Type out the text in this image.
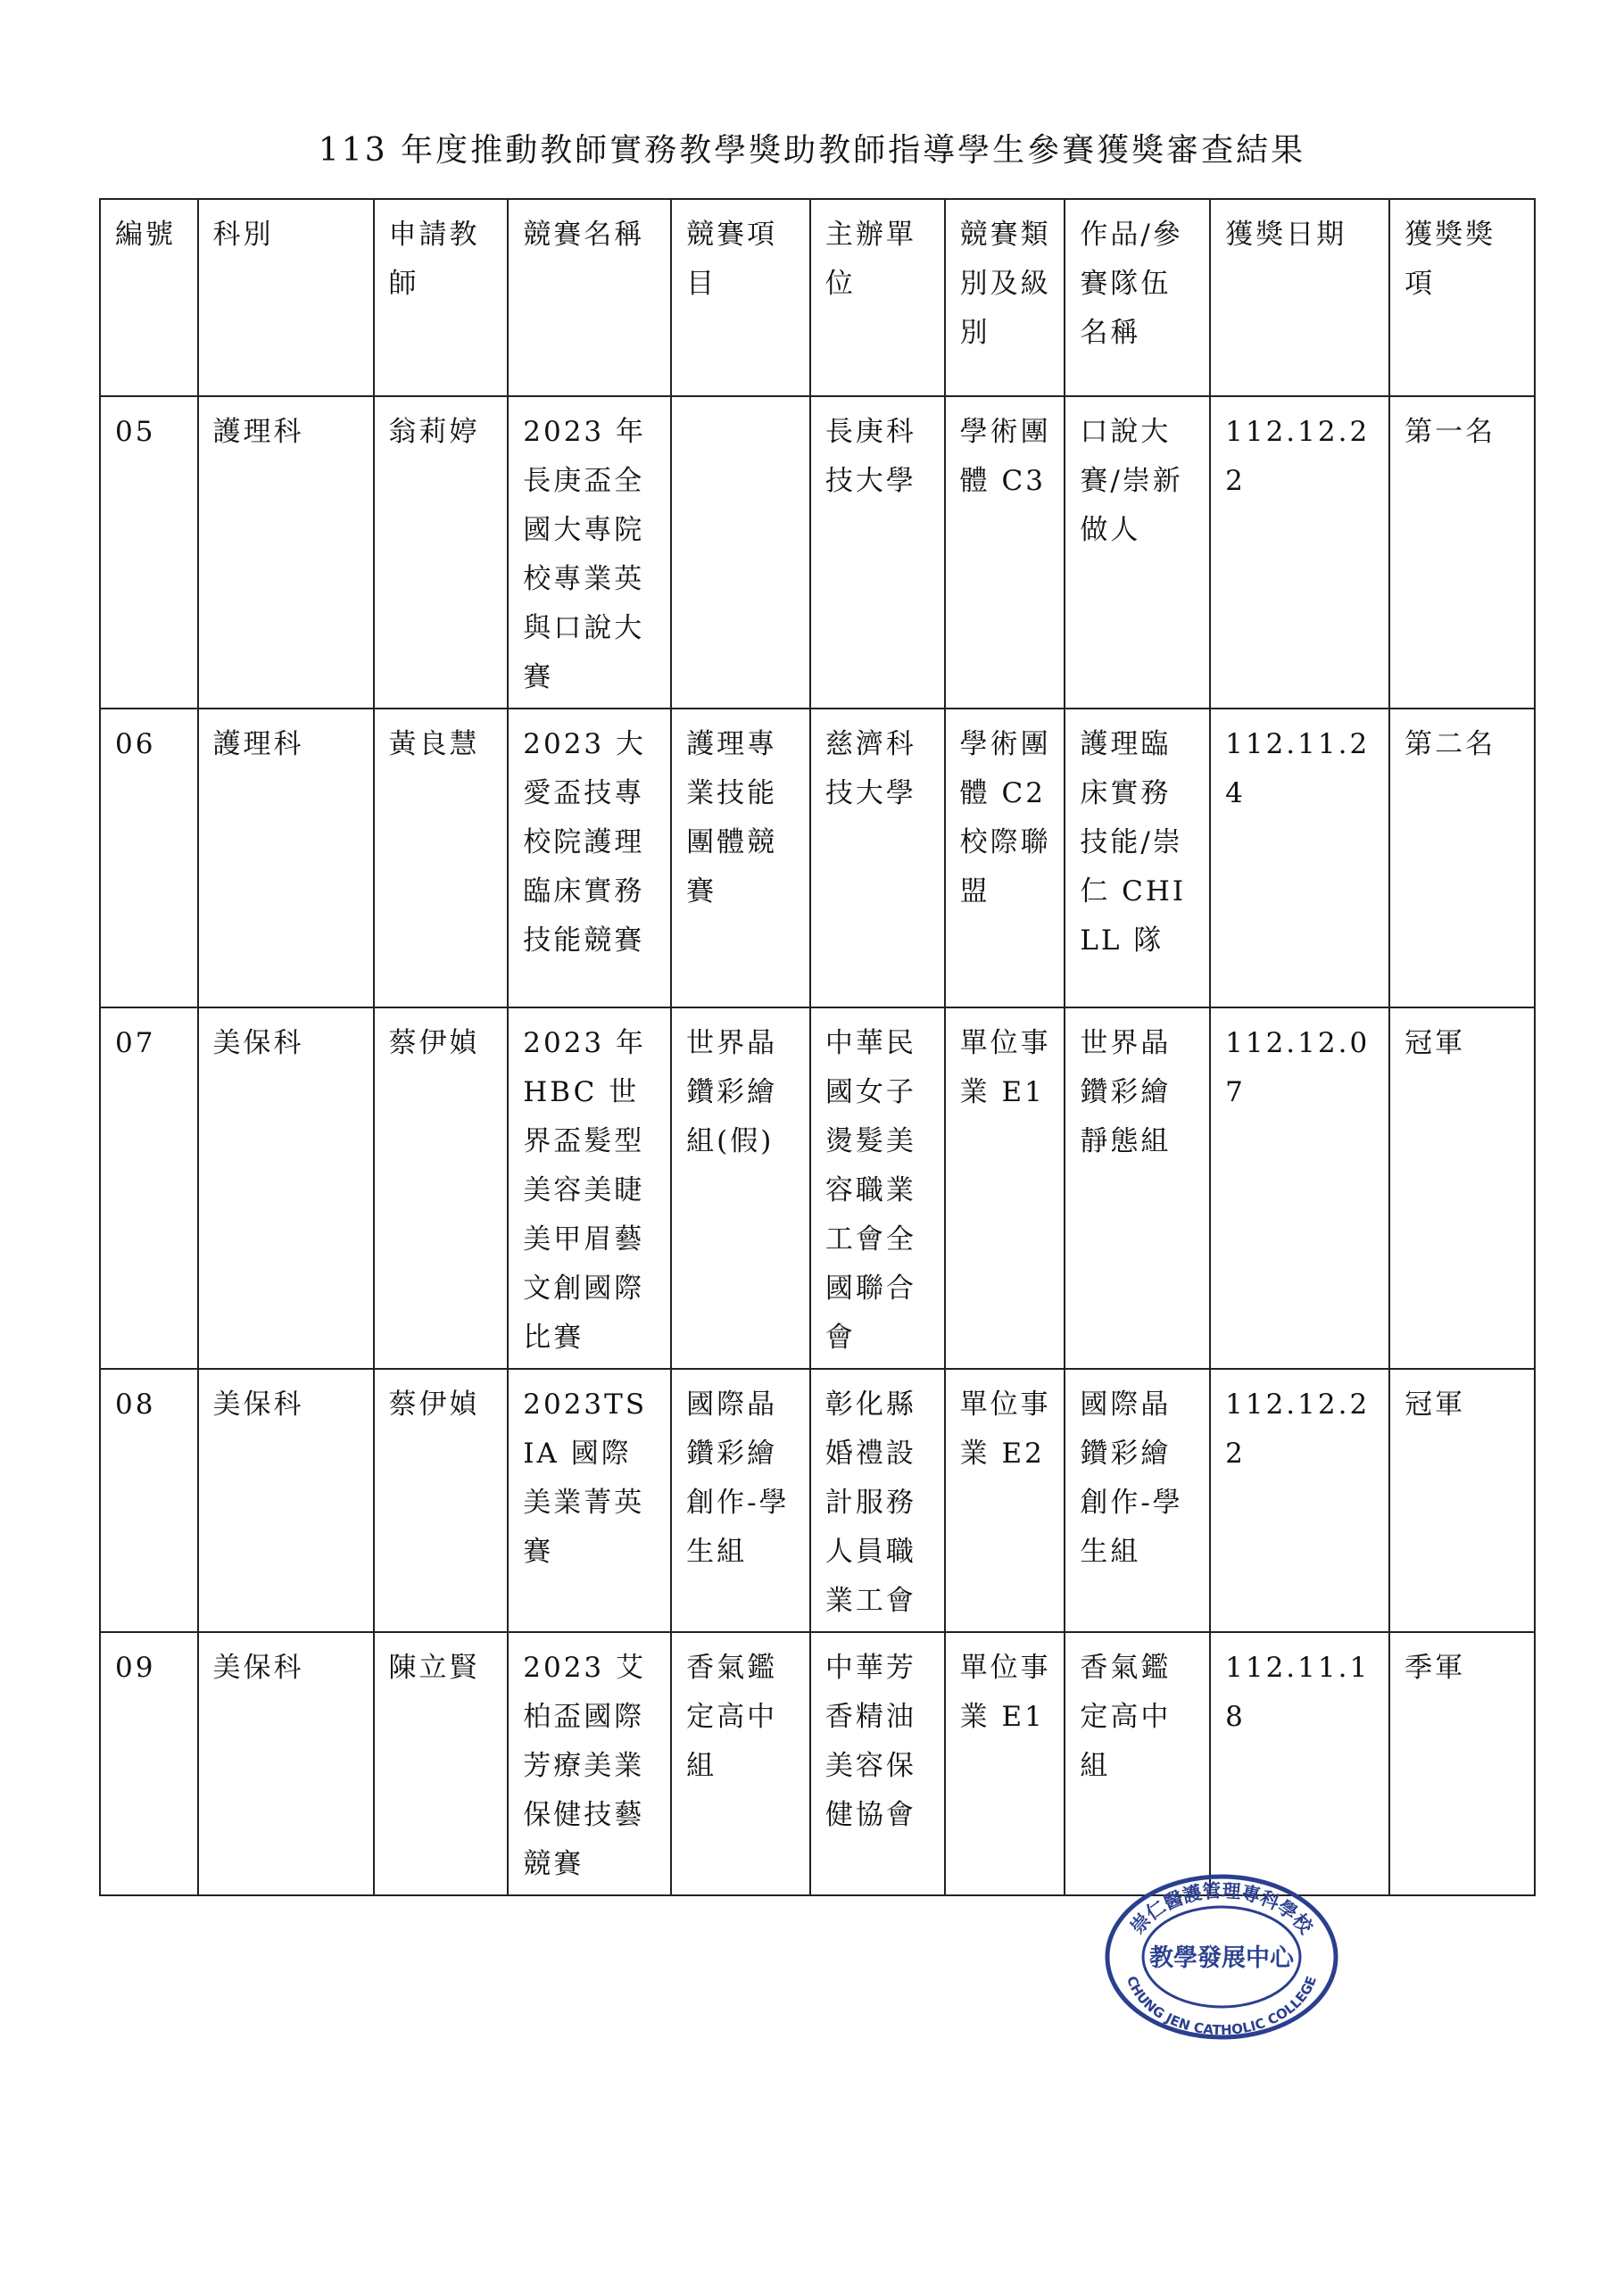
113 年度推動教師實務教學獎助教師指導學生參賽獲獎審查結果
編號	科別	申請教師	競賽名稱	競賽項目	主辦單位	競賽類別及級別	作品/參賽隊伍名稱	獲獎日期	獲獎獎項
05	護理科	翁莉婷	2023 年長庚盃全國大專院校專業英與口說大賽		長庚科技大學	學術團體 C3	口說大賽/崇新做人	112.12.22	第一名
06	護理科	黃良慧	2023 大愛盃技專校院護理臨床實務技能競賽	護理專業技能團體競賽	慈濟科技大學	學術團體 C2 校際聯盟	護理臨床實務技能/崇仁 CHILL 隊	112.11.24	第二名
07	美保科	蔡伊媜	2023 年 HBC 世界盃髮型美容美睫美甲眉藝文創國際比賽	世界晶鑽彩繪組(假)	中華民國女子燙髮美容職業工會全國聯合會	單位事業 E1	世界晶鑽彩繪靜態組	112.12.07	冠軍
08	美保科	蔡伊媜	2023TSIA 國際美業菁英賽	國際晶鑽彩繪創作-學生組	彰化縣婚禮設計服務人員職業工會	單位事業 E2	國際晶鑽彩繪創作-學生組	112.12.22	冠軍
09	美保科	陳立賢	2023 艾柏盃國際芳療美業保健技藝競賽	香氣鑑定高中組	中華芳香精油美容保健協會	單位事業 E1	香氣鑑定高中組	112.11.18	季軍
崇仁醫護管理專科學校
教學發展中心
CHUNG JEN CATHOLIC COLLEGE
